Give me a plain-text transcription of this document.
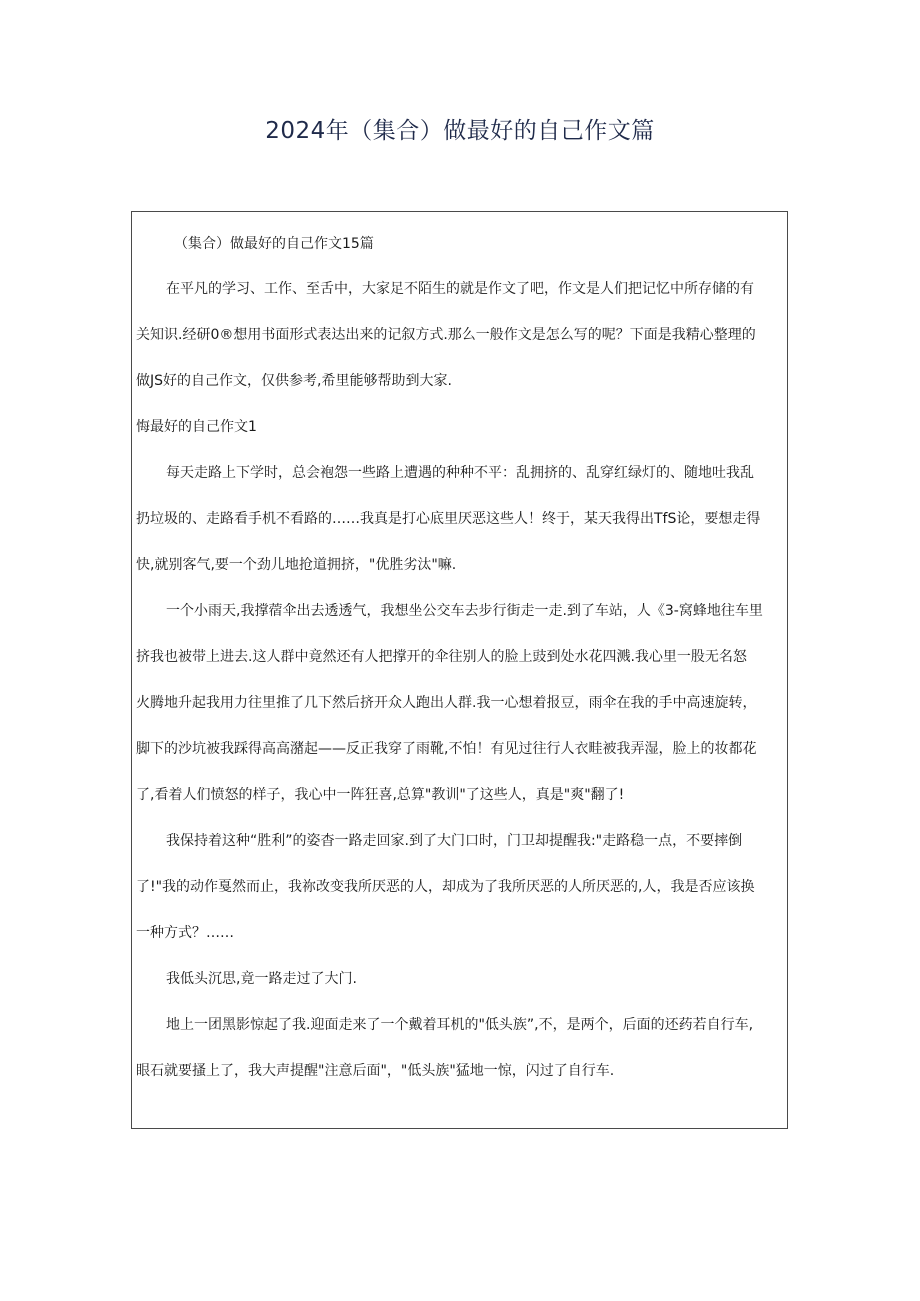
2024年（集合）做最好的自己作文篇

（集合）做最好的自己作文15篇

在平凡的学习、工作、至舌中，大家足不陌生的就是作文了吧，作文是人们把记忆中所存储的有

关知识.经研0®想用书面形式表达出来的记叙方式.那么一般作文是怎么写的呢？下面是我精心整理的

做JS好的自己作文，仅供参考,希里能够帮助到大家.

悔最好的自己作文1

每天走路上下学时，总会袍怨一些路上遭遇的种种不平：乱拥挤的、乱穿红绿灯的、随地吐我乱

扔垃圾的、走路看手机不看路的……我真是打心底里厌恶这些人！终于，某天我得出TfS论，要想走得

快,就别客气,要一个劲儿地抢道拥挤，"优胜劣汰"嘛.

一个小雨天,我撑蓿伞出去透透气，我想坐公交车去步行街走一走.到了车站，人《3-窝蜂地往车里

挤我也被带上进去.这人群中竟然还有人把撑开的伞往别人的脸上豉到处水花四溅.我心里一股无名怒

火腾地升起我用力往里推了几下然后挤开众人跑出人群.我一心想着报豆，雨伞在我的手中高速旋转，

脚下的沙坑被我踩得高高潴起——反正我穿了雨靴,不怕！有见过往行人衣畦被我弄湿，脸上的妆都花

了,看着人们愤怒的样子，我心中一阵狂喜,总算"教训"了这些人，真是"爽"翻了!

我保持着这种“胜利”的姿杳一路走回家.到了大门口时，门卫却提醒我:"走路稳一点，不要摔倒

了!"我的动作戛然而止，我祢改变我所厌恶的人，却成为了我所厌恶的人所厌恶的,人，我是否应该换

一种方式？……

我低头沉思,竟一路走过了大门.

地上一团黑影惊起了我.迎面走来了一个戴着耳机的"低头族”,不，是两个，后面的还药若自行车,

眼石就要搔上了，我大声提醒"注意后面"，"低头族"猛地一惊，闪过了自行车.
